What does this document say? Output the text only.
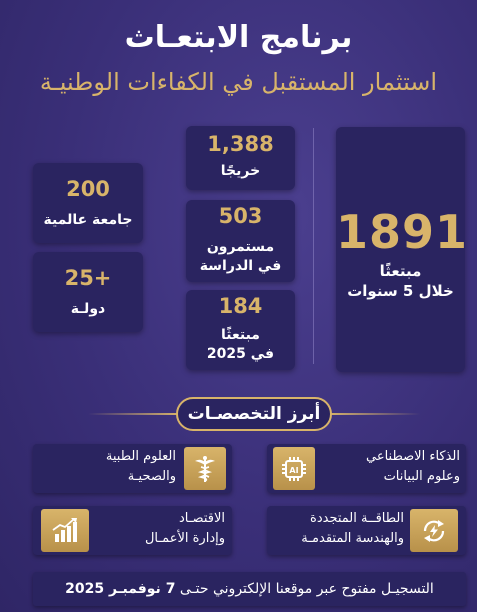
برنامج الابتعـاث
استثمار المستقبل في الكفاءات الوطنيـة
1891
مبتعثًا
خلال 5 سنوات
1,388
خريجًا
503
مستمرون
في الدراسة
184
مبتعثًا
في 2025
200
جامعة عالمية
25+
دولـة
أبرز التخصصـات
AI
الذكاء الاصطناعي
وعلوم البيانات
العلوم الطبية
والصحيـة
الطاقــة المتجددة
والهندسة المتقدمـة
الاقتصـاد
وإدارة الأعمـال
التسجيـل مفتوح عبر موقعنا الإلكتروني حتـى 7 نوفمبـر 2025
